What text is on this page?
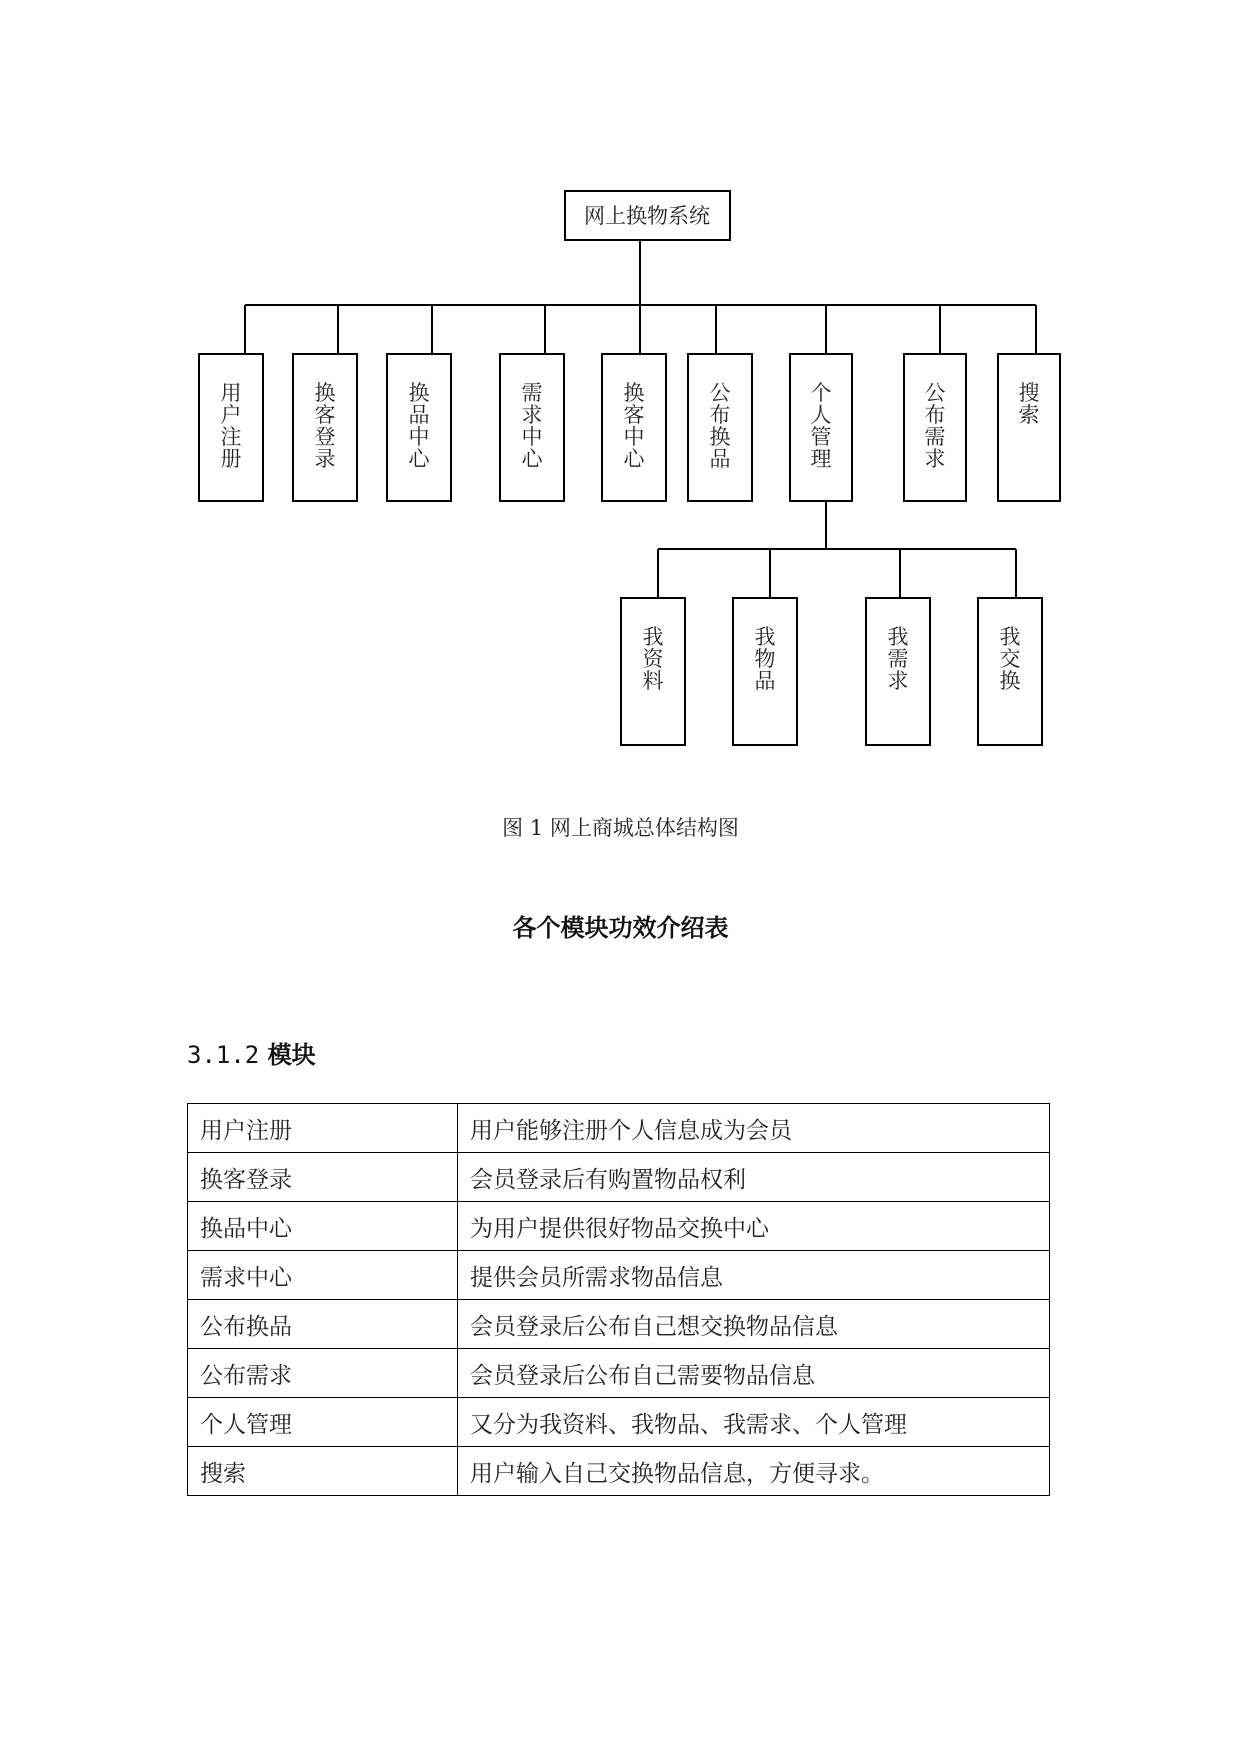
网上换物系统
用户注册
换客登录
换品中心
需求中心
换客中心
公布换品
个人管理
公布需求
搜索
我资料
我物品
我需求
我交换
图 1 网上商城总体结构图
各个模块功效介绍表
3.1.2 模块
用户注册	用户能够注册个人信息成为会员
换客登录	会员登录后有购置物品权利
换品中心	为用户提供很好物品交换中心
需求中心	提供会员所需求物品信息
公布换品	会员登录后公布自己想交换物品信息
公布需求	会员登录后公布自己需要物品信息
个人管理	又分为我资料、我物品、我需求、个人管理
搜索	用户输入自己交换物品信息，方便寻求。
